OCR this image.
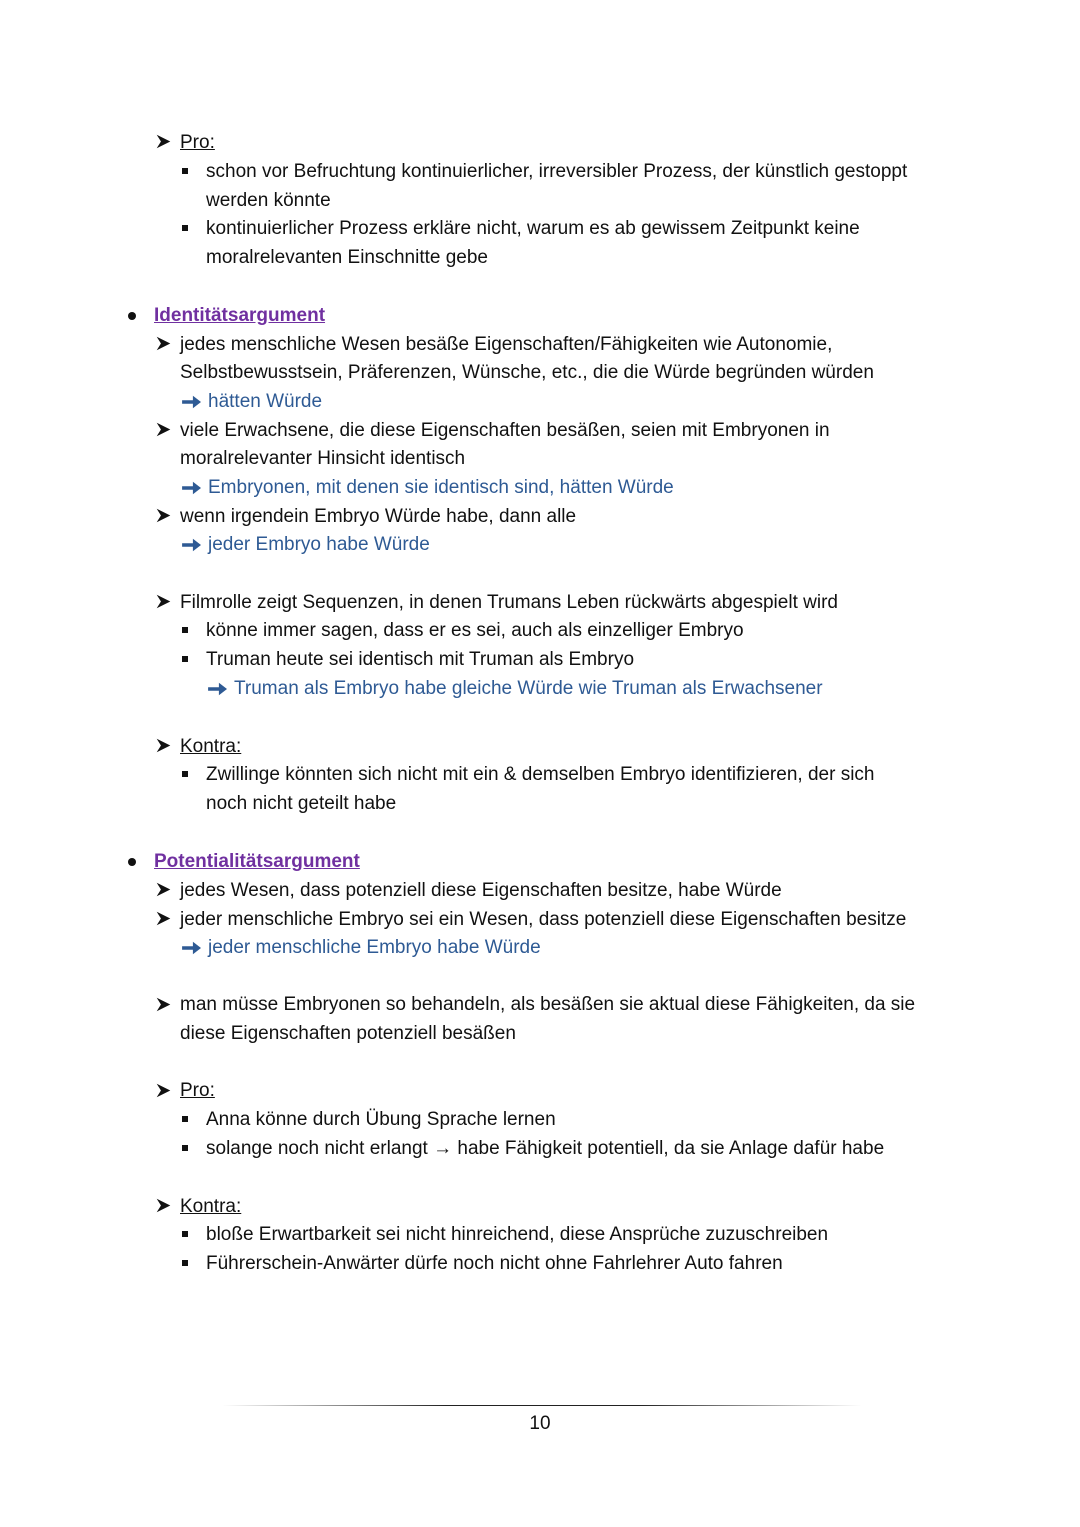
Pro:
schon vor Befruchtung kontinuierlicher, irreversibler Prozess, der künstlich gestoppt
werden könnte
kontinuierlicher Prozess erkläre nicht, warum es ab gewissem Zeitpunkt keine
moralrelevanten Einschnitte gebe
Identitätsargument
jedes menschliche Wesen besäße Eigenschaften/Fähigkeiten wie Autonomie,
Selbstbewusstsein, Präferenzen, Wünsche, etc., die die Würde begründen würden
hätten Würde
viele Erwachsene, die diese Eigenschaften besäßen, seien mit Embryonen in
moralrelevanter Hinsicht identisch
Embryonen, mit denen sie identisch sind, hätten Würde
wenn irgendein Embryo Würde habe, dann alle
jeder Embryo habe Würde
Filmrolle zeigt Sequenzen, in denen Trumans Leben rückwärts abgespielt wird
könne immer sagen, dass er es sei, auch als einzelliger Embryo
Truman heute sei identisch mit Truman als Embryo
Truman als Embryo habe gleiche Würde wie Truman als Erwachsener
Kontra:
Zwillinge könnten sich nicht mit ein & demselben Embryo identifizieren, der sich
noch nicht geteilt habe
Potentialitätsargument
jedes Wesen, dass potenziell diese Eigenschaften besitze, habe Würde
jeder menschliche Embryo sei ein Wesen, dass potenziell diese Eigenschaften besitze
jeder menschliche Embryo habe Würde
man müsse Embryonen so behandeln, als besäßen sie aktual diese Fähigkeiten, da sie
diese Eigenschaften potenziell besäßen
Pro:
Anna könne durch Übung Sprache lernen
solange noch nicht erlangt → habe Fähigkeit potentiell, da sie Anlage dafür habe
Kontra:
bloße Erwartbarkeit sei nicht hinreichend, diese Ansprüche zuzuschreiben
Führerschein-Anwärter dürfe noch nicht ohne Fahrlehrer Auto fahren
10
